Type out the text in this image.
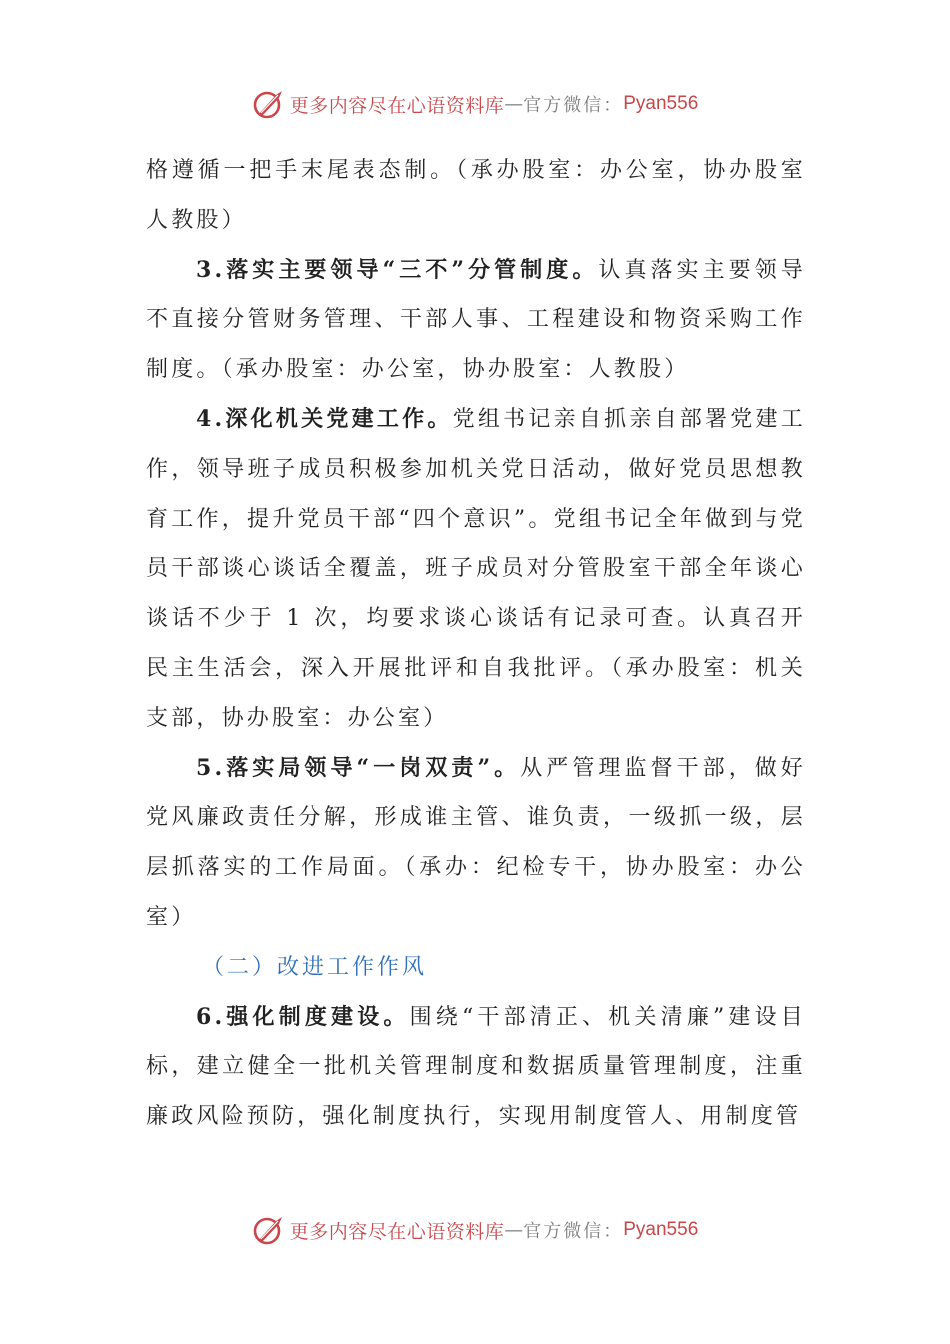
更多内容尽在心语资料库 — 官方微信： Pyan556

格遵循一把手末尾表态制。（承办股室：办公室，协办股室人教股）

3.落实主要领导“三不”分管制度。认真落实主要领导不直接分管财务管理、干部人事、工程建设和物资采购工作制度。（承办股室：办公室，协办股室：人教股）

4.深化机关党建工作。党组书记亲自抓亲自部署党建工作，领导班子成员积极参加机关党日活动，做好党员思想教育工作，提升党员干部“四个意识”。党组书记全年做到与党员干部谈心谈话全覆盖，班子成员对分管股室干部全年谈心谈话不少于 1 次，均要求谈心谈话有记录可查。认真召开民主生活会，深入开展批评和自我批评。（承办股室：机关支部，协办股室：办公室）

5.落实局领导“一岗双责”。从严管理监督干部，做好党风廉政责任分解，形成谁主管、谁负责，一级抓一级，层层抓落实的工作局面。（承办：纪检专干，协办股室：办公室）

（二）改进工作作风

6.强化制度建设。围绕“干部清正、机关清廉”建设目标，建立健全一批机关管理制度和数据质量管理制度，注重廉政风险预防，强化制度执行，实现用制度管人、用制度管

更多内容尽在心语资料库 — 官方微信： Pyan556
